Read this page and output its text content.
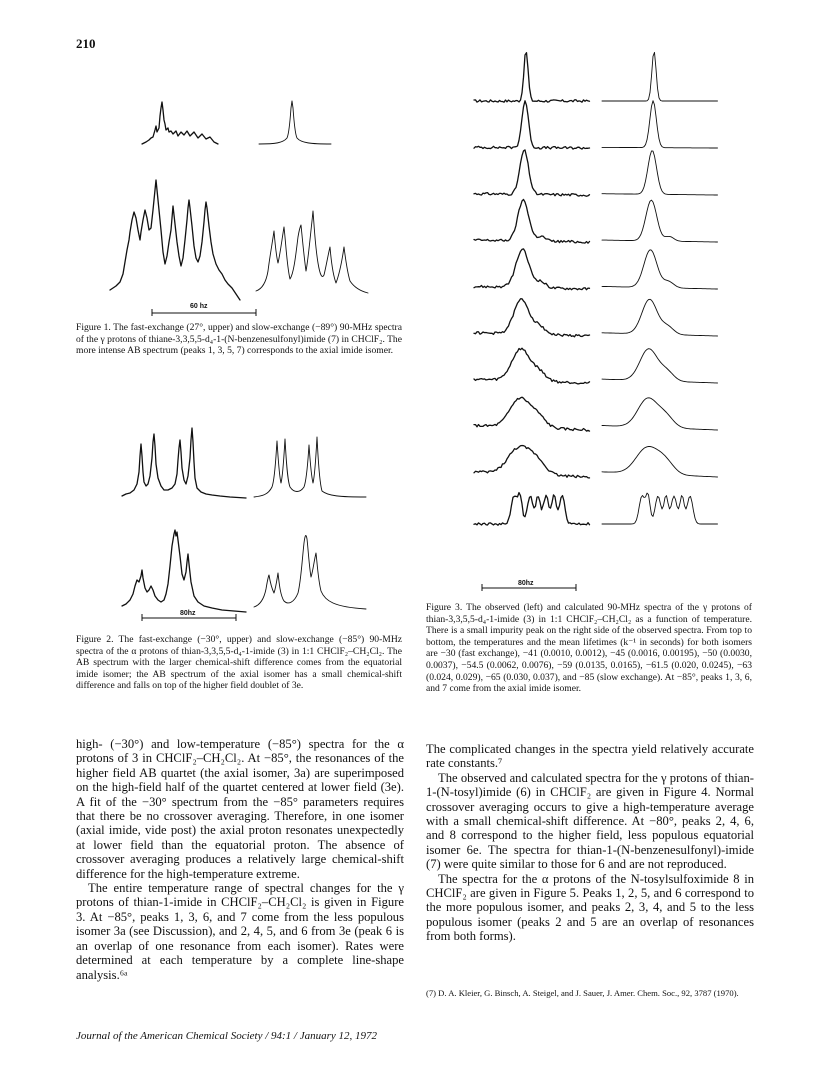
210
60 hz
Figure 1. The fast-exchange (27°, upper) and slow-exchange (−89°) 90-MHz spectra of the γ protons of thiane-3,3,5,5-d₄-1-(N-benzenesulfonyl)imide (7) in CHClF₂. The more intense AB spectrum (peaks 1, 3, 5, 7) corresponds to the axial imide isomer.
80hz
Figure 2. The fast-exchange (−30°, upper) and slow-exchange (−85°) 90-MHz spectra of the α protons of thian-3,3,5,5-d₄-1-imide (3) in 1:1 CHClF₂–CH₂Cl₂. The AB spectrum with the larger chemical-shift difference comes from the equatorial imide isomer; the AB spectrum of the axial isomer has a small chemical-shift difference and falls on top of the higher field doublet of 3e.
80hz
Figure 3. The observed (left) and calculated 90-MHz spectra of the γ protons of thian-3,3,5,5-d₄-1-imide (3) in 1:1 CHClF₂–CH₂Cl₂ as a function of temperature. There is a small impurity peak on the right side of the observed spectra. From top to bottom, the temperatures and the mean lifetimes (k⁻¹ in seconds) for both isomers are −30 (fast exchange), −41 (0.0010, 0.0012), −45 (0.0016, 0.00195), −50 (0.0030, 0.0037), −54.5 (0.0062, 0.0076), −59 (0.0135, 0.0165), −61.5 (0.020, 0.0245), −63 (0.024, 0.029), −65 (0.030, 0.037), and −85 (slow exchange). At −85°, peaks 1, 3, 6, and 7 come from the axial imide isomer.

high- (−30°) and low-temperature (−85°) spectra for the α protons of 3 in CHClF₂–CH₂Cl₂. At −85°, the resonances of the higher field AB quartet (the axial isomer, 3a) are superimposed on the high-field half of the quartet centered at lower field (3e). A fit of the −30° spectrum from the −85° parameters requires that there be no crossover averaging. Therefore, in one isomer (axial imide, vide post) the axial proton resonates unexpectedly at lower field than the equatorial proton. The absence of crossover averaging produces a relatively large chemical-shift difference for the high-temperature extreme.

The entire temperature range of spectral changes for the γ protons of thian-1-imide in CHClF₂–CH₂Cl₂ is given in Figure 3. At −85°, peaks 1, 3, 6, and 7 come from the less populous isomer 3a (see Discussion), and 2, 4, 5, and 6 from 3e (peak 6 is an overlap of one resonance from each isomer). Rates were determined at each temperature by a complete line-shape analysis.⁶ᵃ

The complicated changes in the spectra yield relatively accurate rate constants.⁷

The observed and calculated spectra for the γ protons of thian-1-(N-tosyl)imide (6) in CHClF₂ are given in Figure 4. Normal crossover averaging occurs to give a high-temperature average with a small chemical-shift difference. At −80°, peaks 2, 4, 6, and 8 correspond to the higher field, less populous equatorial isomer 6e. The spectra for thian-1-(N-benzenesulfonyl)-imide (7) were quite similar to those for 6 and are not reproduced.

The spectra for the α protons of the N-tosylsulfoximide 8 in CHClF₂ are given in Figure 5. Peaks 1, 2, 5, and 6 correspond to the more populous isomer, and peaks 2, 3, 4, and 5 to the less populous isomer (peaks 2 and 5 are an overlap of resonances from both forms).

(7) D. A. Kleier, G. Binsch, A. Steigel, and J. Sauer, J. Amer. Chem. Soc., 92, 3787 (1970).
Journal of the American Chemical Society / 94:1 / January 12, 1972
